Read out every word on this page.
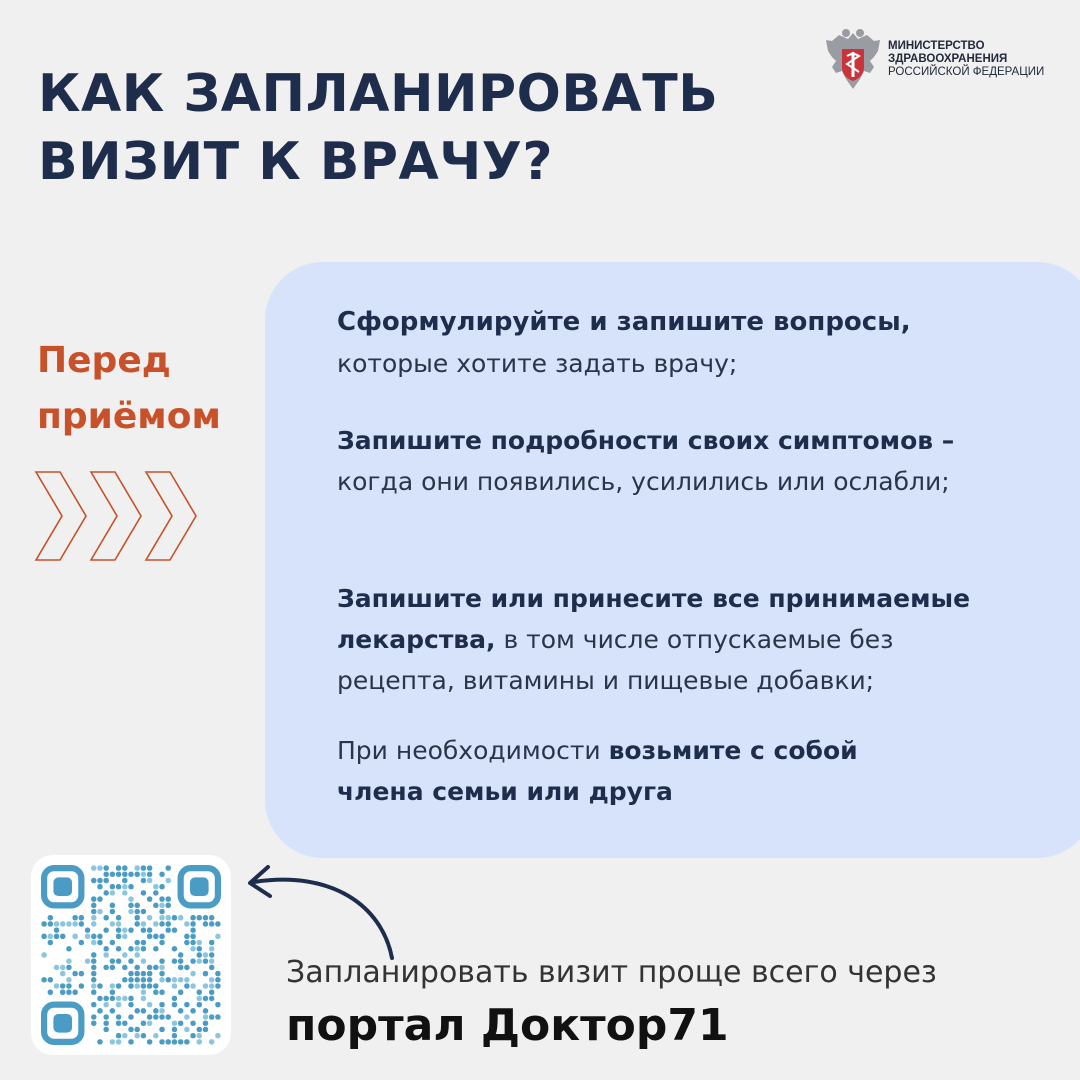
КАК ЗАПЛАНИРОВАТЬ
ВИЗИТ К ВРАЧУ?
МИНИСТЕРСТВО
ЗДРАВООХРАНЕНИЯ
РОССИЙСКОЙ ФЕДЕРАЦИИ
Перед
приёмом
Сформулируйте и запишите вопросы,
которые хотите задать врачу;
Запишите подробности своих симптомов –
когда они появились, усилились или ослабли;
Запишите или принесите все принимаемые
лекарства, в том числе отпускаемые без
рецепта, витамины и пищевые добавки;
При необходимости возьмите с собой
члена семьи или друга
Запланировать визит проще всего через
портал Доктор71
